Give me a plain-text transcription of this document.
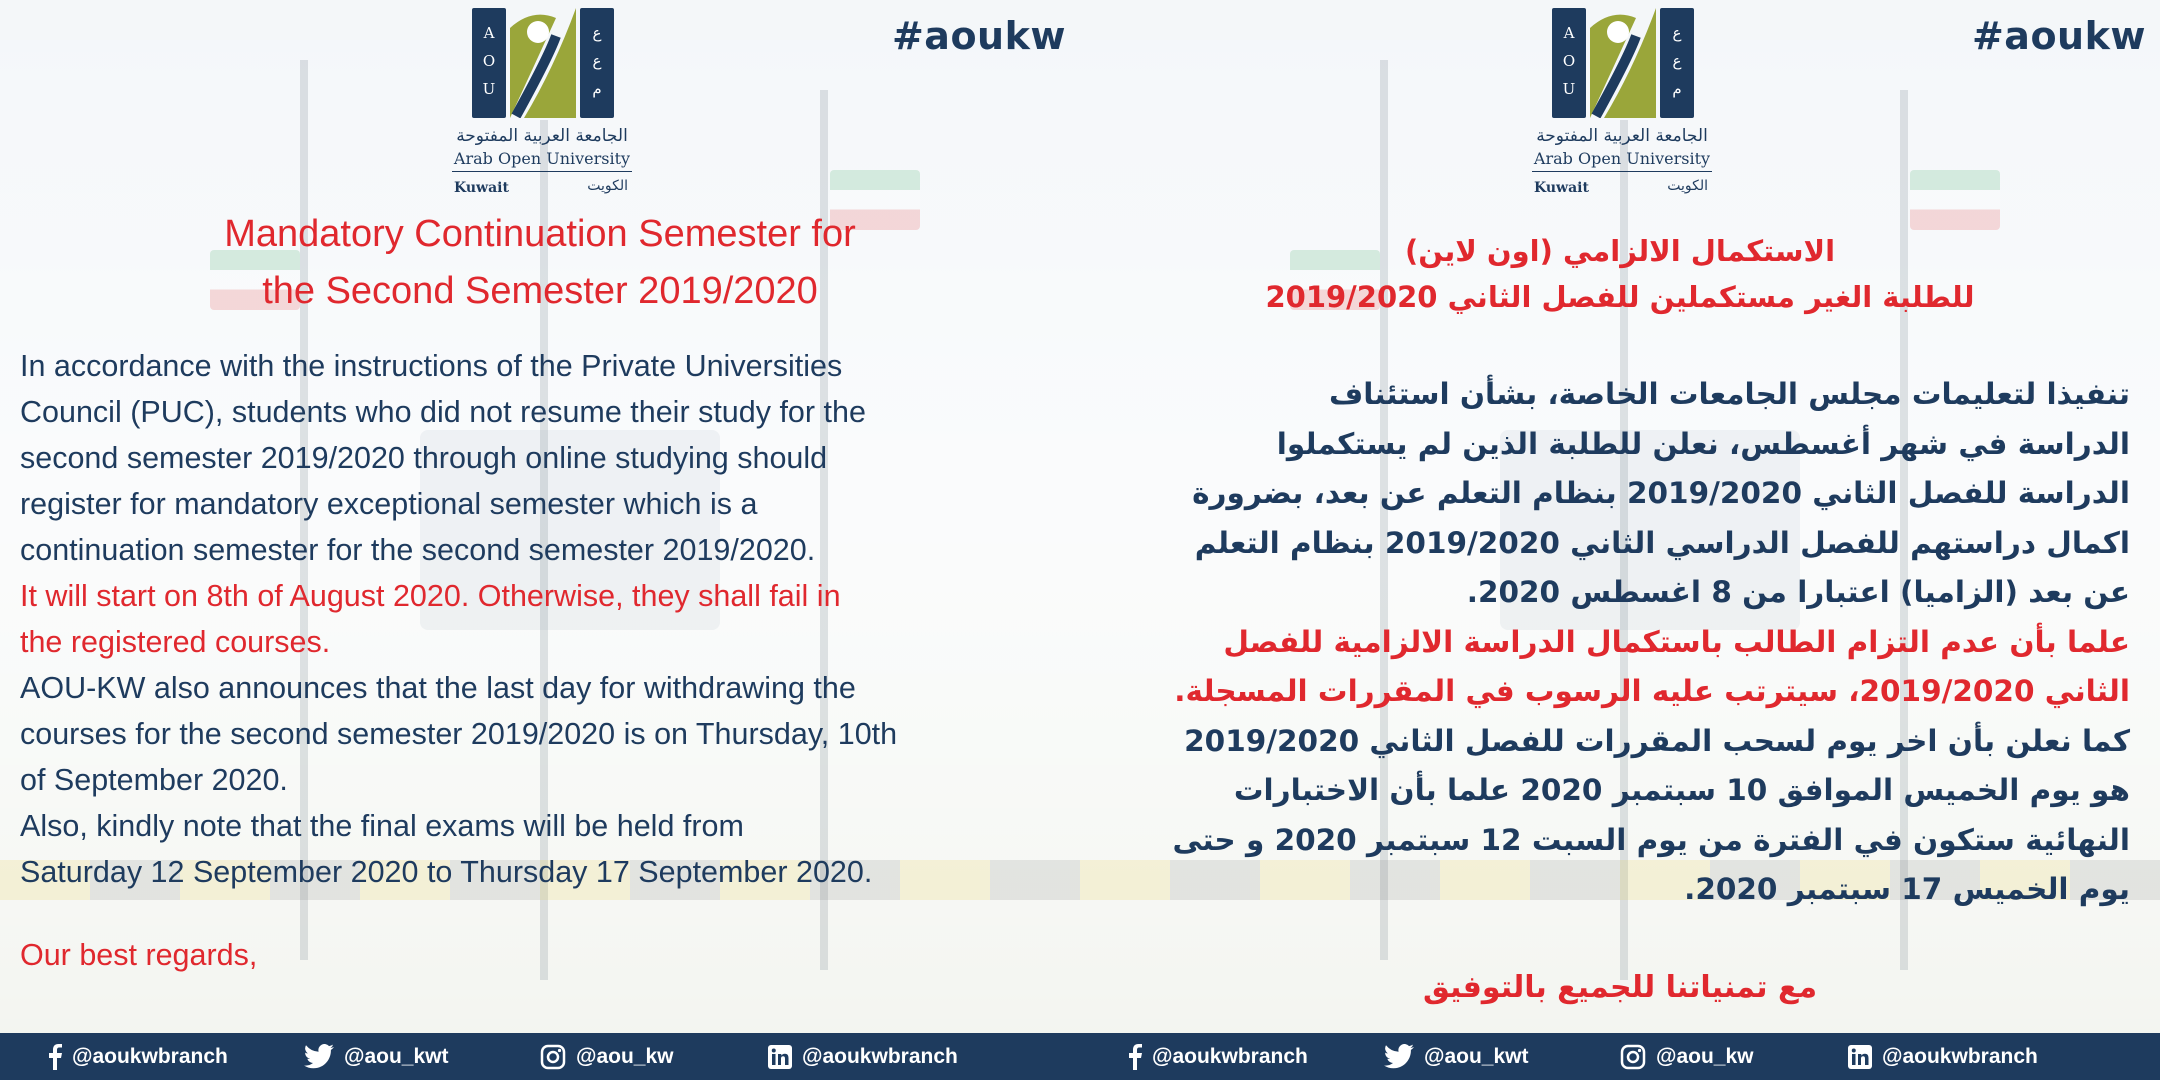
#aoukw
A
O
U
ع
ع
م
الجامعة العربية المفتوحة
Arab Open University
Kuwait	الكويت
Mandatory Continuation Semester for
the Second Semester 2019/2020
In accordance with the instructions of the Private Universities
Council (PUC), students who did not resume their study for the
second semester 2019/2020 through online studying should
register for mandatory exceptional semester which is a
continuation semester for the second semester 2019/2020.
It will start on 8th of August 2020. Otherwise, they shall fail in
the registered courses.
AOU-KW also announces that the last day for withdrawing the
courses for the second semester 2019/2020 is on Thursday, 10th
of September 2020.
Also, kindly note that the final exams will be held from
Saturday 12 September 2020 to Thursday 17 September 2020.
Our best regards,
@aoukwbranch	@aou_kwt	@aou_kw	@aoukwbranch
#aoukw
A
O
U
ع
ع
م
الجامعة العربية المفتوحة
Arab Open University
Kuwait	الكويت
الاستكمال الالزامي (اون لاين)
للطلبة الغير مستكملين للفصل الثاني 2019/2020
تنفيذا لتعليمات مجلس الجامعات الخاصة، بشأن استئناف
الدراسة في شهر أغسطس، نعلن للطلبة الذين لم يستكملوا
الدراسة للفصل الثاني 2019/2020 بنظام التعلم عن بعد، بضرورة
اكمال دراستهم للفصل الدراسي الثاني 2019/2020 بنظام التعلم
عن بعد (الزاميا) اعتبارا من 8 اغسطس 2020.
علما بأن عدم التزام الطالب باستكمال الدراسة الالزامية للفصل
الثاني 2019/2020، سيترتب عليه الرسوب في المقررات المسجلة.
كما نعلن بأن اخر يوم لسحب المقررات للفصل الثاني 2019/2020
هو يوم الخميس الموافق 10 سبتمبر 2020 علما بأن الاختبارات
النهائية ستكون في الفترة من يوم السبت 12 سبتمبر 2020 و حتى
يوم الخميس 17 سبتمبر 2020.
مع تمنياتنا للجميع بالتوفيق
@aoukwbranch	@aou_kwt	@aou_kw	@aoukwbranch
